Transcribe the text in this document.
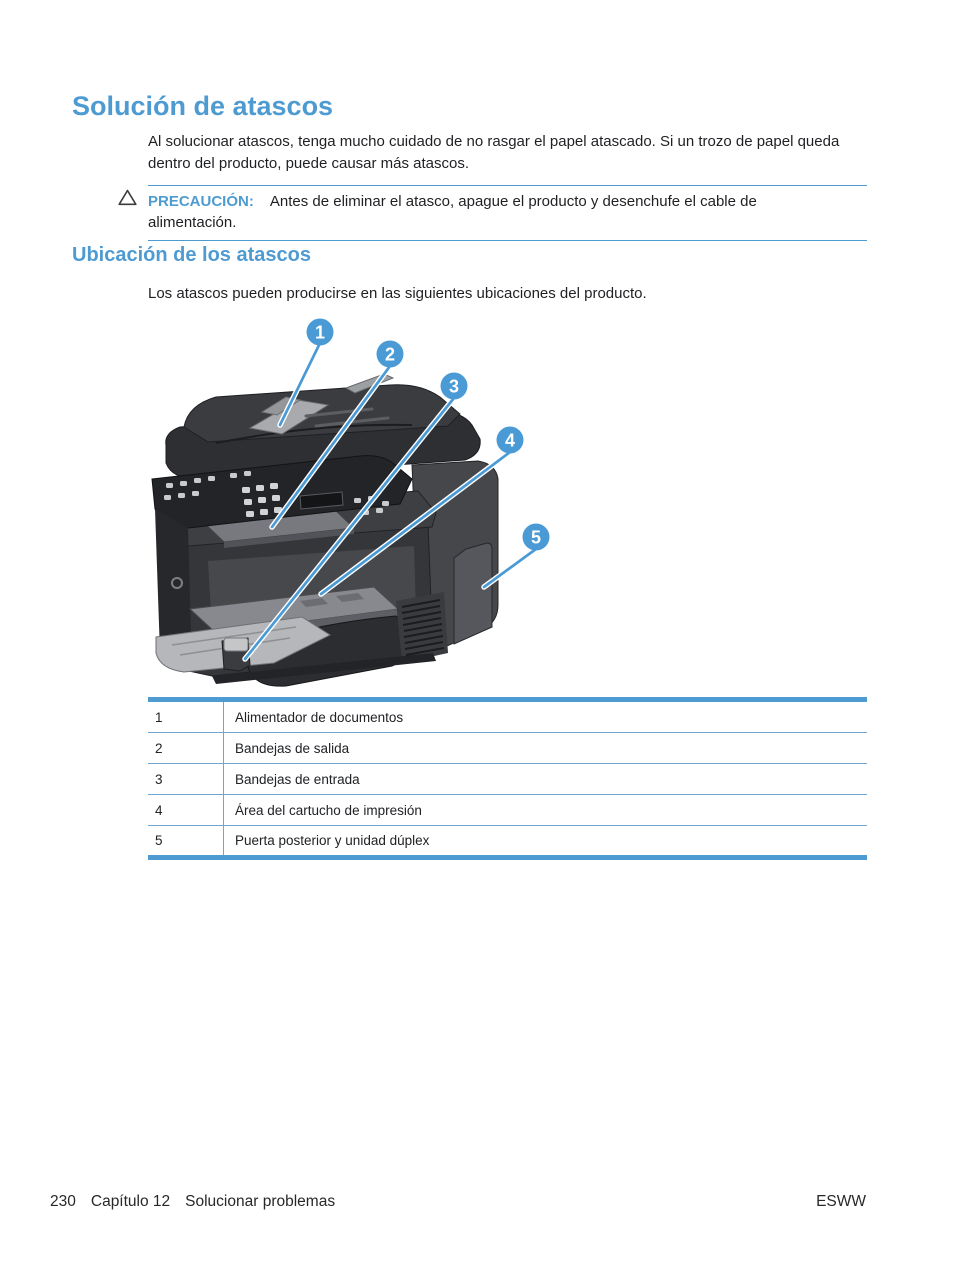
Solución de atascos
Al solucionar atascos, tenga mucho cuidado de no rasgar el papel atascado. Si un trozo de papel queda dentro del producto, puede causar más atascos.
PRECAUCIÓN: Antes de eliminar el atasco, apague el producto y desenchufe el cable de alimentación.
Ubicación de los atascos
Los atascos pueden producirse en las siguientes ubicaciones del producto.
1
2
3
4
5
1	Alimentador de documentos
2	Bandejas de salida
3	Bandejas de entrada
4	Área del cartucho de impresión
5	Puerta posterior y unidad dúplex
230 Capítulo 12 Solucionar problemas	ESWW
